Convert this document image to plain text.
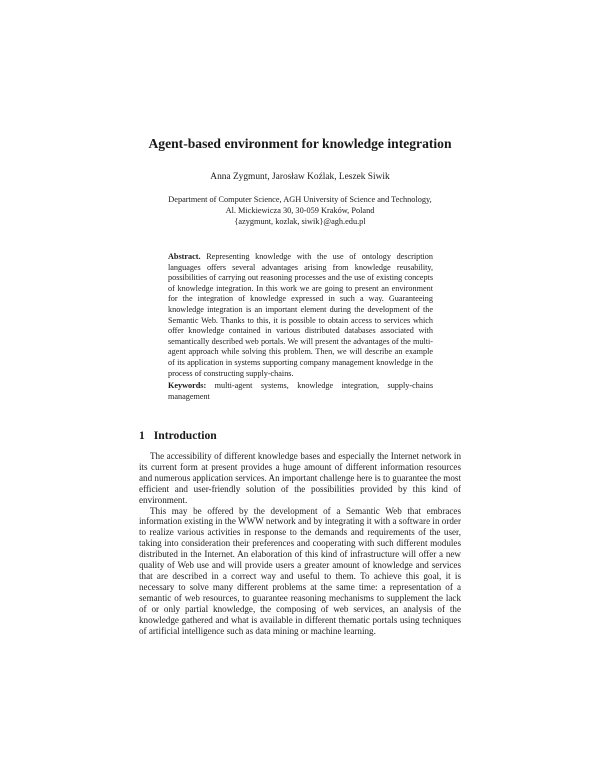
Agent-based environment for knowledge integration

Anna Zygmunt, Jarosław Koźlak, Leszek Siwik

Department of Computer Science, AGH University of Science and Technology,
Al. Mickiewicza 30, 30-059 Kraków, Poland
{azygmunt, kozlak, siwik}@agh.edu.pl

Abstract. Representing knowledge with the use of ontology description languages offers several advantages arising from knowledge reusability, possibilities of carrying out reasoning processes and the use of existing concepts of knowledge integration. In this work we are going to present an environment for the integration of knowledge expressed in such a way. Guaranteeing knowledge integration is an important element during the development of the Semantic Web. Thanks to this, it is possible to obtain access to services which offer knowledge contained in various distributed databases associated with semantically described web portals. We will present the advantages of the multi-agent approach while solving this problem. Then, we will describe an example of its application in systems supporting company management knowledge in the process of constructing supply-chains.

Keywords: multi-agent systems, knowledge integration, supply-chains management

1 Introduction

The accessibility of different knowledge bases and especially the Internet network in its current form at present provides a huge amount of different information resources and numerous application services. An important challenge here is to guarantee the most efficient and user-friendly solution of the possibilities provided by this kind of environment.

This may be offered by the development of a Semantic Web that embraces information existing in the WWW network and by integrating it with a software in order to realize various activities in response to the demands and requirements of the user, taking into consideration their preferences and cooperating with such different modules distributed in the Internet. An elaboration of this kind of infrastructure will offer a new quality of Web use and will provide users a greater amount of knowledge and services that are described in a correct way and useful to them. To achieve this goal, it is necessary to solve many different problems at the same time: a representation of a semantic of web resources, to guarantee reasoning mechanisms to supplement the lack of or only partial knowledge, the composing of web services, an analysis of the knowledge gathered and what is available in different thematic portals using techniques of artificial intelligence such as data mining or machine learning.
